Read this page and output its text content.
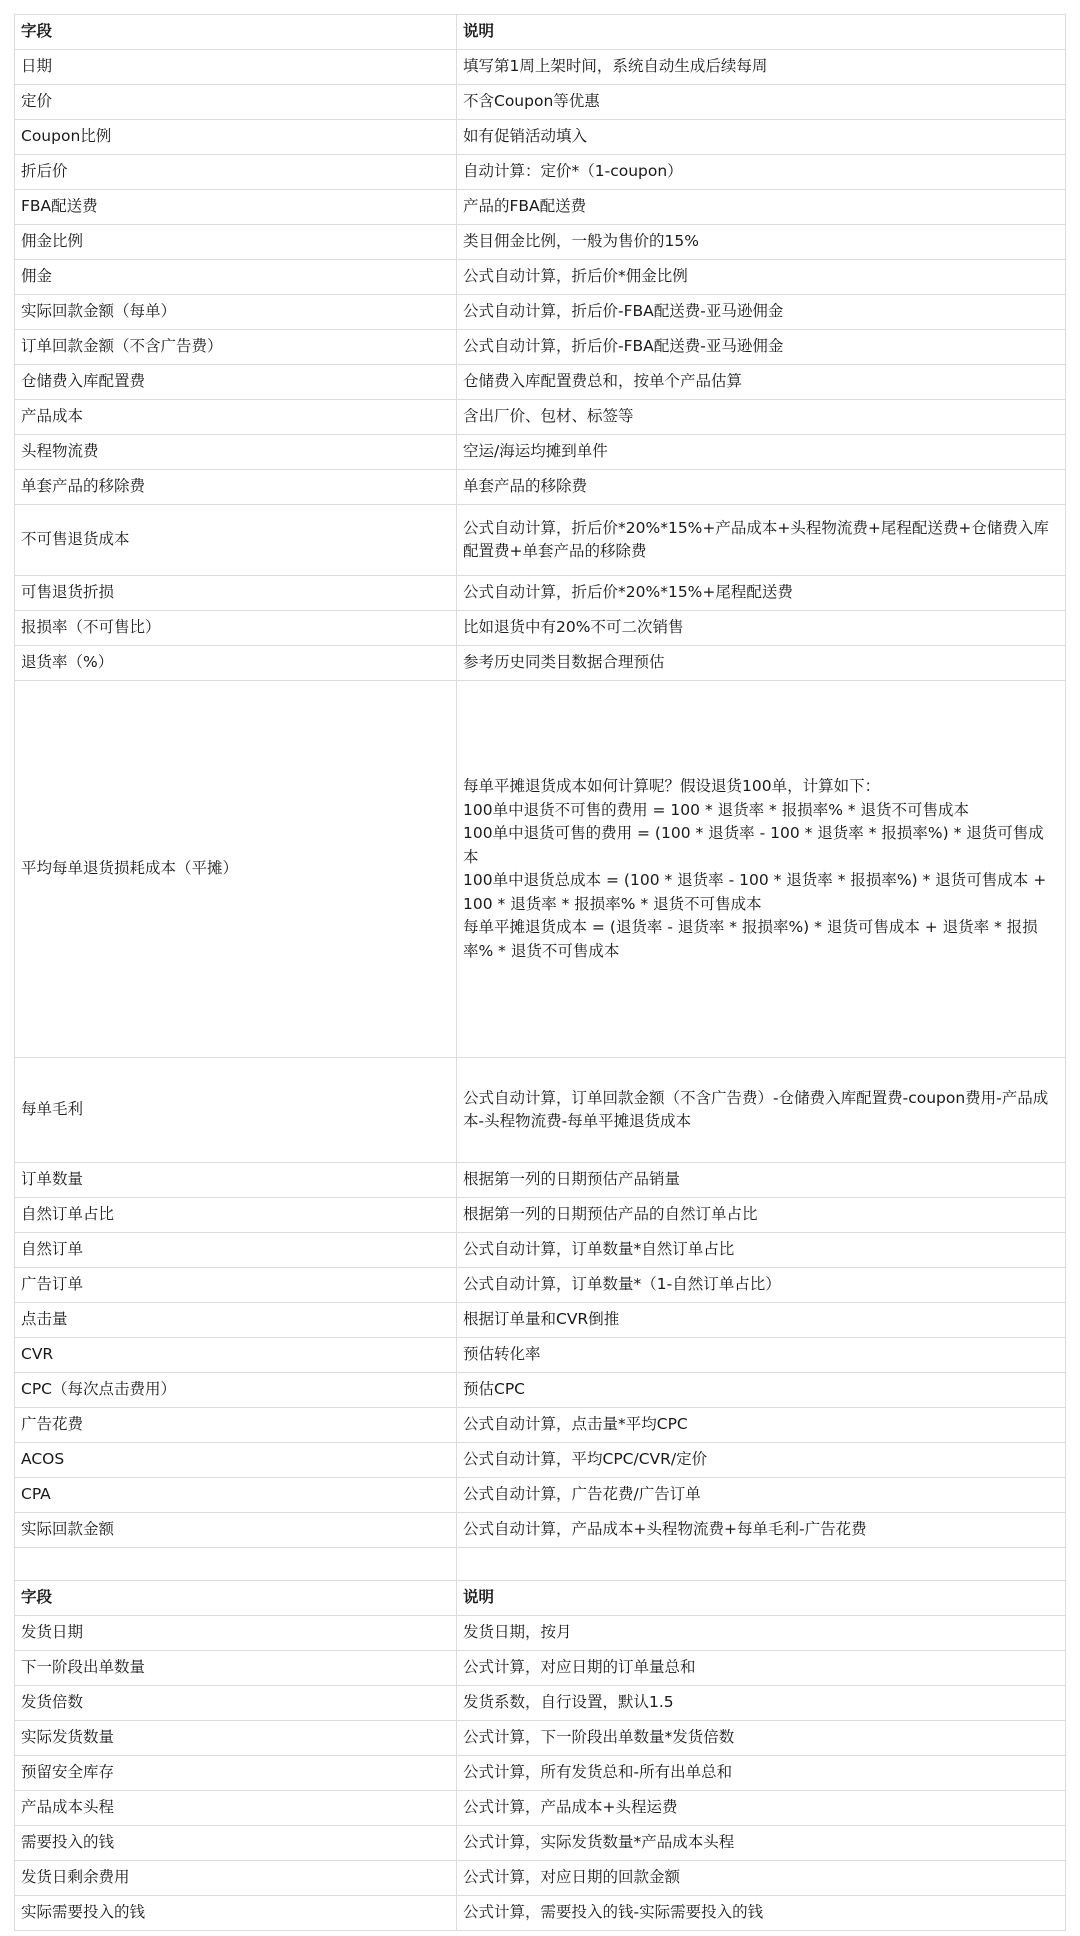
字段	说明
日期	填写第1周上架时间，系统自动生成后续每周
定价	不含Coupon等优惠
Coupon比例	如有促销活动填入
折后价	自动计算：定价*（1-coupon）
FBA配送费	产品的FBA配送费
佣金比例	类目佣金比例，一般为售价的15%
佣金	公式自动计算，折后价*佣金比例
实际回款金额（每单）	公式自动计算，折后价-FBA配送费-亚马逊佣金
订单回款金额（不含广告费）	公式自动计算，折后价-FBA配送费-亚马逊佣金
仓储费入库配置费	仓储费入库配置费总和，按单个产品估算
产品成本	含出厂价、包材、标签等
头程物流费	空运/海运均摊到单件
单套产品的移除费	单套产品的移除费
不可售退货成本	公式自动计算，折后价*20%*15%+产品成本+头程物流费+尾程配送费+仓储费入库配置费+单套产品的移除费
可售退货折损	公式自动计算，折后价*20%*15%+尾程配送费
报损率（不可售比）	比如退货中有20%不可二次销售
退货率（%）	参考历史同类目数据合理预估
平均每单退货损耗成本（平摊）	每单平摊退货成本如何计算呢？假设退货100单，计算如下：
100单中退货不可售的费用 = 100 * 退货率 * 报损率% * 退货不可售成本
100单中退货可售的费用 = (100 * 退货率 - 100 * 退货率 * 报损率%) * 退货可售成本
100单中退货总成本 = (100 * 退货率 - 100 * 退货率 * 报损率%) * 退货可售成本 + 100 * 退货率 * 报损率% * 退货不可售成本
每单平摊退货成本 = (退货率 - 退货率 * 报损率%) * 退货可售成本 + 退货率 * 报损率% * 退货不可售成本

每单毛利	公式自动计算，订单回款金额（不含广告费）-仓储费入库配置费-coupon费用-产品成本-头程物流费-每单平摊退货成本
订单数量	根据第一列的日期预估产品销量
自然订单占比	根据第一列的日期预估产品的自然订单占比
自然订单	公式自动计算，订单数量*自然订单占比
广告订单	公式自动计算，订单数量*（1-自然订单占比）
点击量	根据订单量和CVR倒推
CVR	预估转化率
CPC（每次点击费用）	预估CPC
广告花费	公式自动计算，点击量*平均CPC
ACOS	公式自动计算，平均CPC/CVR/定价
CPA	公式自动计算，广告花费/广告订单
实际回款金额	公式自动计算，产品成本+头程物流费+每单毛利-广告花费

字段	说明
发货日期	发货日期，按月
下一阶段出单数量	公式计算，对应日期的订单量总和
发货倍数	发货系数，自行设置，默认1.5
实际发货数量	公式计算，下一阶段出单数量*发货倍数
预留安全库存	公式计算，所有发货总和-所有出单总和
产品成本头程	公式计算，产品成本+头程运费
需要投入的钱	公式计算，实际发货数量*产品成本头程
发货日剩余费用	公式计算，对应日期的回款金额
实际需要投入的钱	公式计算，需要投入的钱-实际需要投入的钱
